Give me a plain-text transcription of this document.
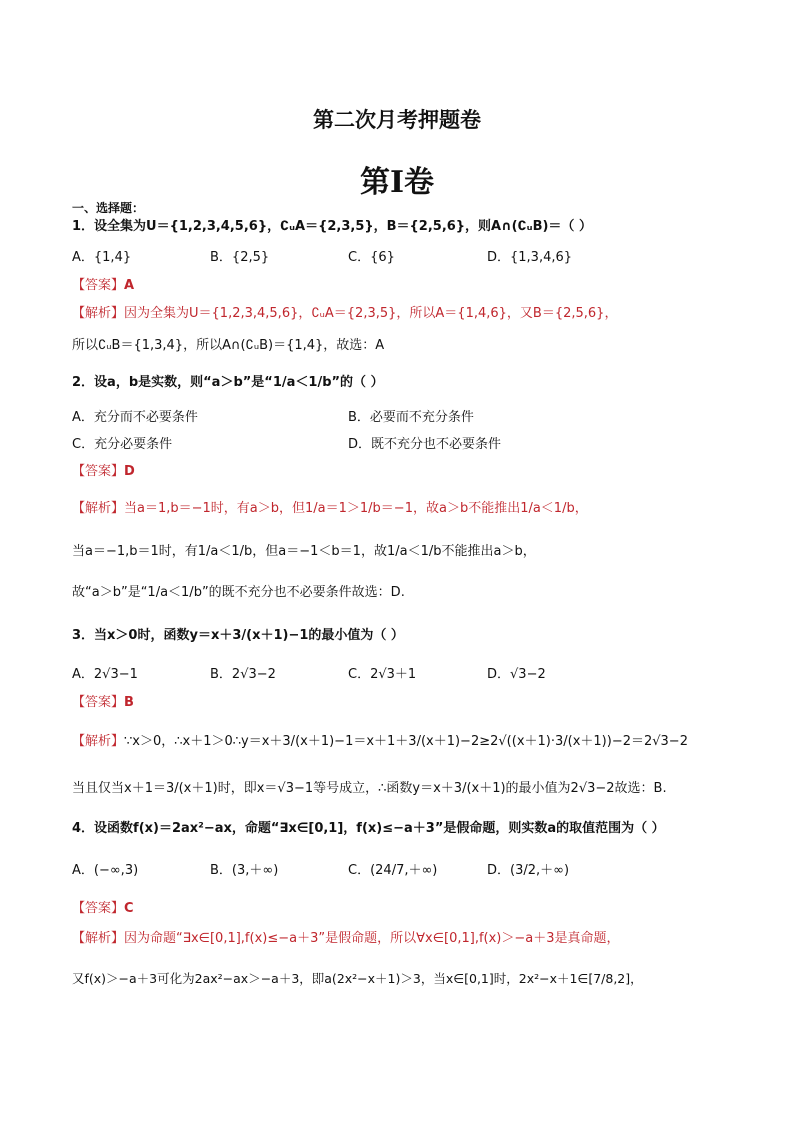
第二次月考押题卷
第Ⅰ卷
一、选择题：
1．设全集为U＝{1,2,3,4,5,6}，∁ᵤA＝{2,3,5}，B＝{2,5,6}，则A∩(∁ᵤB)＝（ ）
A．{1,4}	B．{2,5}	C．{6}	D．{1,3,4,6}
【答案】A
【解析】因为全集为U＝{1,2,3,4,5,6}，∁ᵤA＝{2,3,5}，所以A＝{1,4,6}，又B＝{2,5,6}，
所以∁ᵤB＝{1,3,4}，所以A∩(∁ᵤB)＝{1,4}，故选：A
2．设a，b是实数，则“a＞b”是“1/a＜1/b”的（ ）
A．充分而不必要条件	B．必要而不充分条件
C．充分必要条件	D．既不充分也不必要条件
【答案】D
【解析】当a＝1,b＝−1时，有a＞b，但1/a＝1＞1/b＝−1，故a＞b不能推出1/a＜1/b，
当a＝−1,b＝1时，有1/a＜1/b，但a＝−1＜b＝1，故1/a＜1/b不能推出a＞b，
故“a＞b”是“1/a＜1/b”的既不充分也不必要条件故选：D.
3．当x＞0时，函数y＝x＋3/(x＋1)−1的最小值为（ ）
A．2√3−1	B．2√3−2	C．2√3＋1	D．√3−2
【答案】B
【解析】∵x＞0，∴x＋1＞0∴y＝x＋3/(x＋1)−1＝x＋1＋3/(x＋1)−2≥2√((x＋1)·3/(x＋1))−2＝2√3−2
当且仅当x＋1＝3/(x＋1)时，即x＝√3−1等号成立，∴函数y＝x＋3/(x＋1)的最小值为2√3−2故选：B.
4．设函数f(x)＝2ax²−ax，命题“∃x∈[0,1]，f(x)≤−a＋3”是假命题，则实数a的取值范围为（ ）
A．(−∞,3)	B．(3,＋∞)	C．(24/7,＋∞)	D．(3/2,＋∞)
【答案】C
【解析】因为命题“∃x∈[0,1],f(x)≤−a＋3”是假命题，所以∀x∈[0,1],f(x)＞−a＋3是真命题，
又f(x)＞−a＋3可化为2ax²−ax＞−a＋3，即a(2x²−x＋1)＞3，当x∈[0,1]时，2x²−x＋1∈[7/8,2]，
